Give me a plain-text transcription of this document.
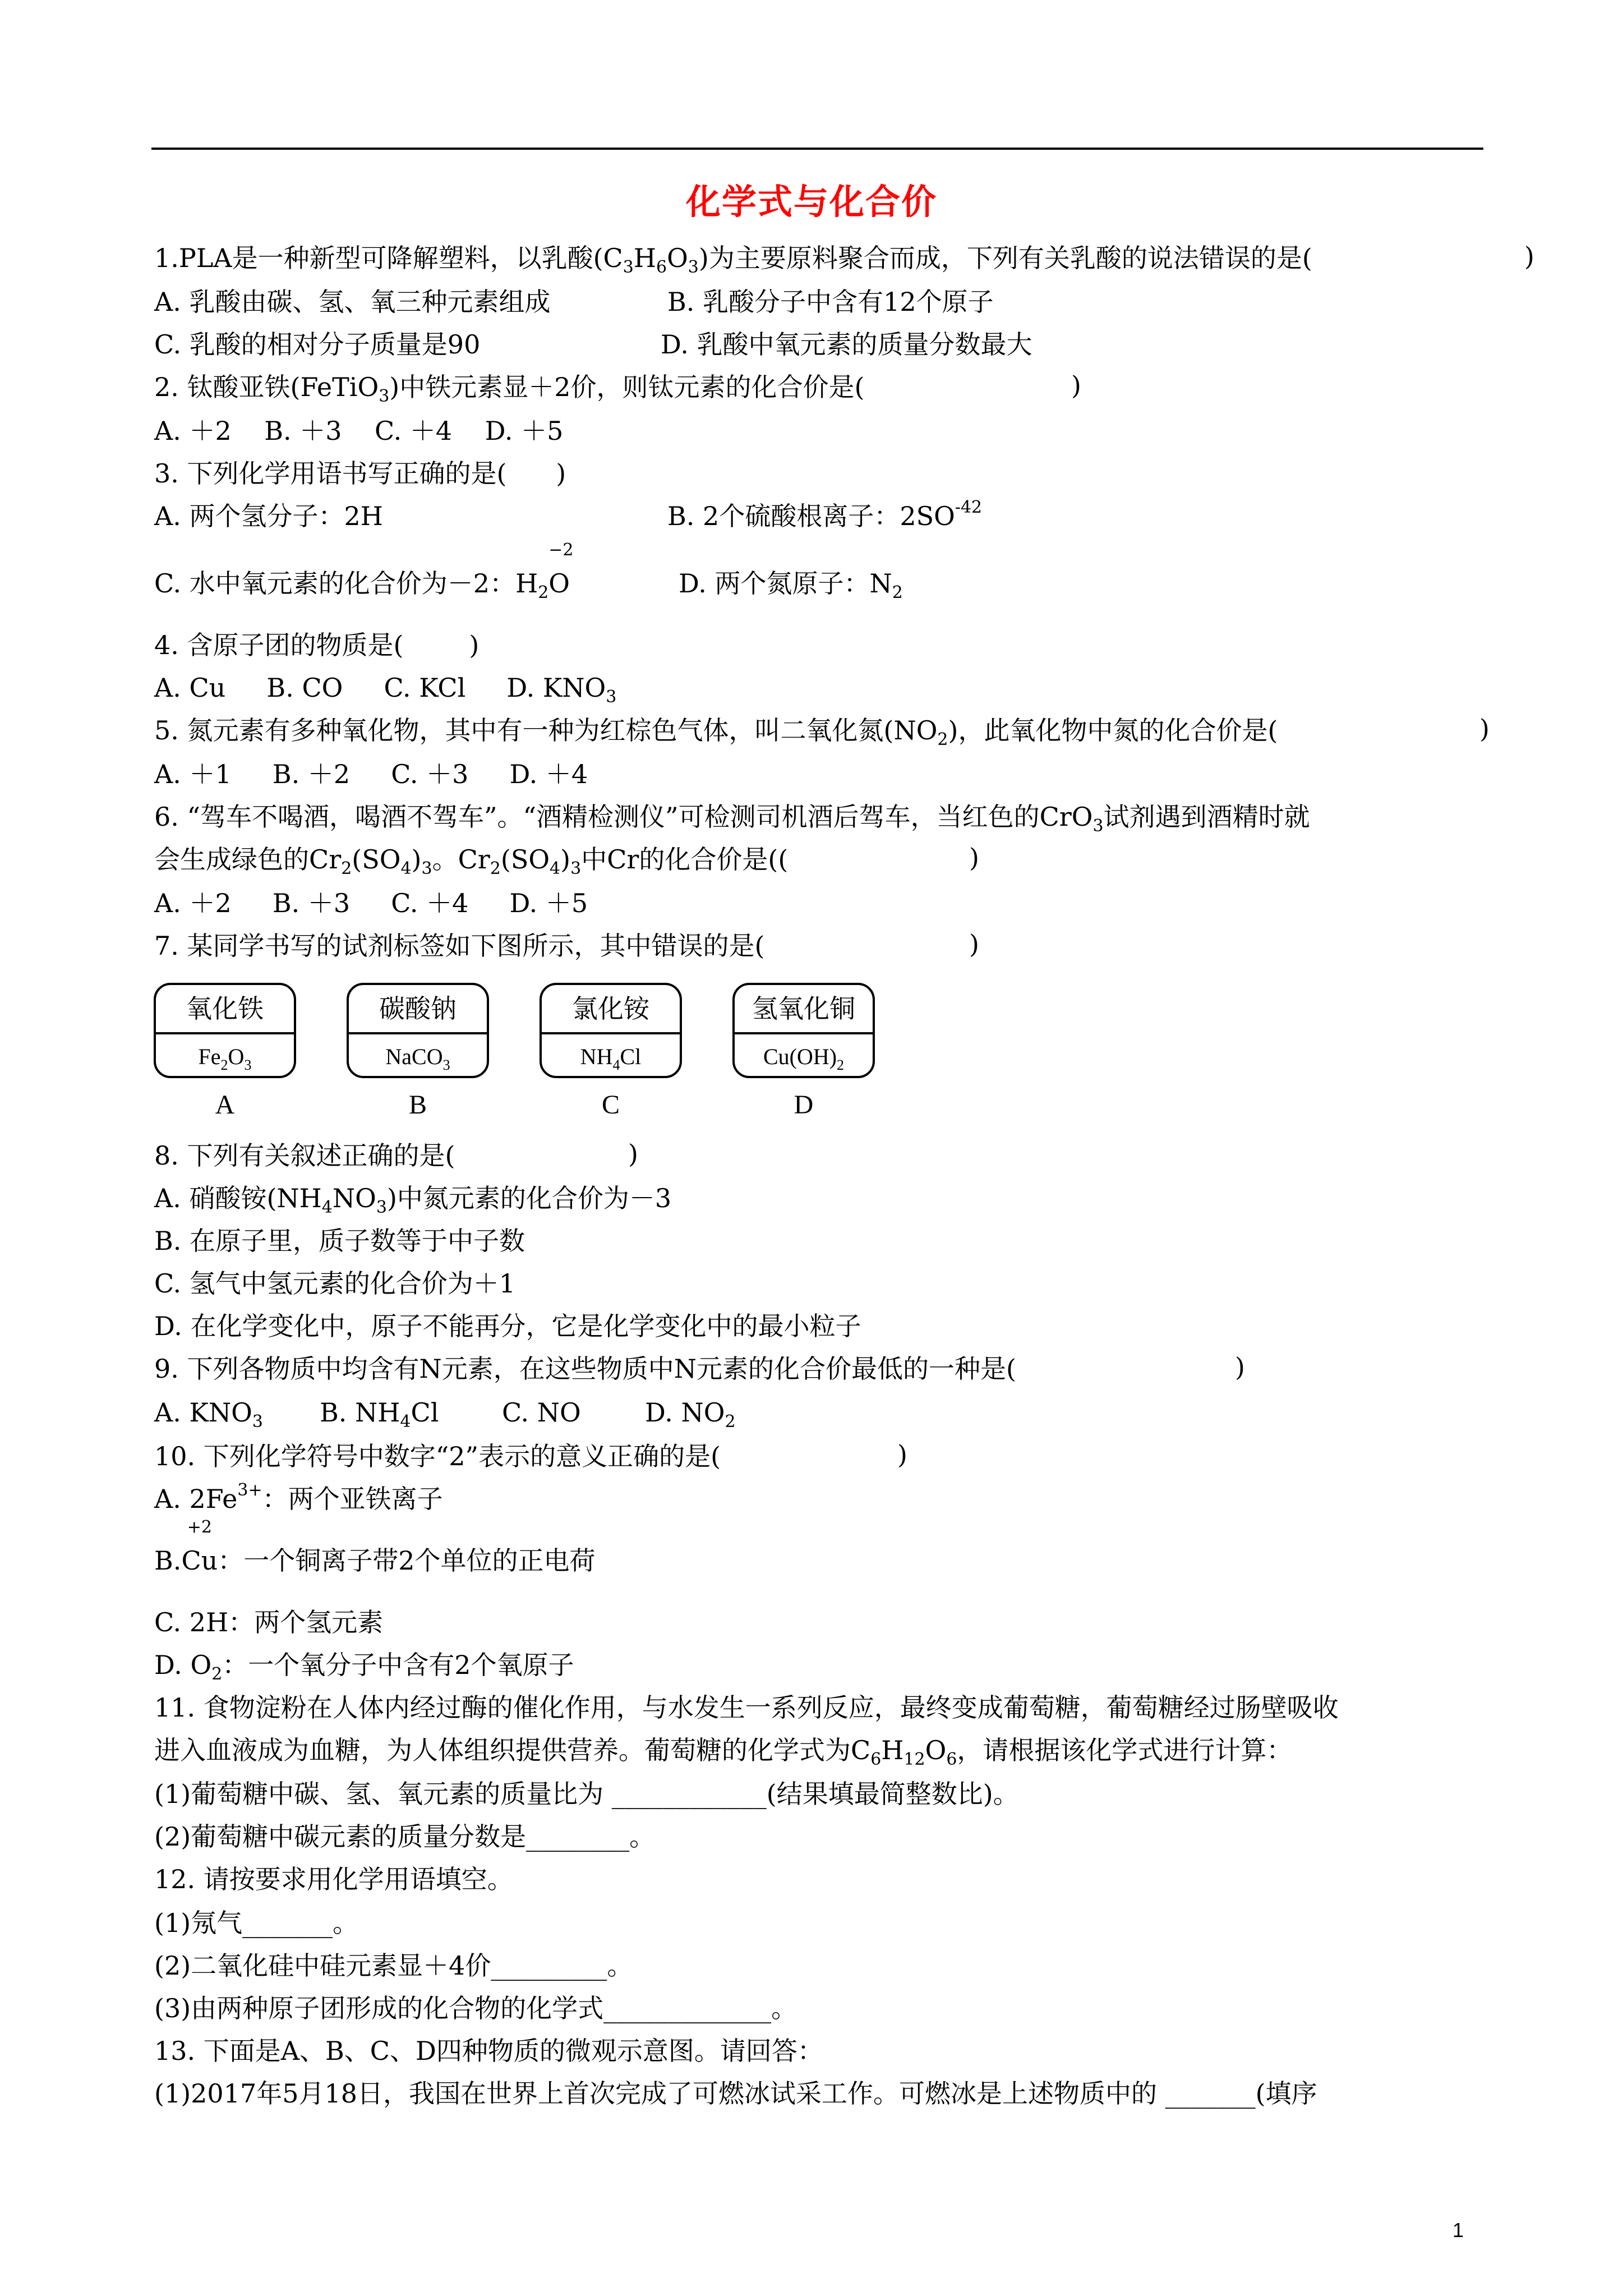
化学式与化合价
1.PLA是一种新型可降解塑料，以乳酸$(C_3H_6O_3)$为主要原料聚合而成，下列有关乳酸的说法错误的是(	)
A. 乳酸由碳、氢、氧三种元素组成	B. 乳酸分子中含有12个原子
C. 乳酸的相对分子质量是90	D. 乳酸中氧元素的质量分数最大
2. 钛酸亚铁(FeTiO$_3$)中铁元素显＋2价，则钛元素的化合价是(	)
A. ＋2    B. ＋3    C. ＋4    D. ＋5
3. 下列化学用语书写正确的是(      )
A. 两个氢分子：2H	B. 2个硫酸根离子：$2SO^{-42}$
C. 水中氧元素的化合价为－2：$H_2$
−2
O	D. 两个氮原子：$N_2$
4. 含原子团的物质是(        )
A. Cu     B. CO     C. KCl     D. $KNO_3$
5. 氮元素有多种氧化物，其中有一种为红棕色气体，叫二氧化氮$(NO_2)$，此氧化物中氮的化合价是(	)
A. ＋1     B. ＋2     C. ＋3     D. ＋4
6. “驾车不喝酒，喝酒不驾车”。“酒精检测仪”可检测司机酒后驾车，当红色的CrO$_3$试剂遇到酒精时就
会生成绿色的$Cr_2(SO_4)_3$。$Cr_2(SO_4)_3$中Cr的化合价是((	)
A. ＋2     B. ＋3     C. ＋4     D. ＋5
7. 某同学书写的试剂标签如下图所示，其中错误的是(	)
氧化铁
$Fe_2O_3$
A
碳酸钠
NaCO$_3$
B
氯化铵
$NH_4Cl$
C
氢氧化铜
$Cu(OH)_2$
D
8. 下列有关叙述正确的是(	)
A. 硝酸铵$(NH_4NO_3)$中氮元素的化合价为－3
B. 在原子里，质子数等于中子数
C. 氢气中氢元素的化合价为＋1
D. 在化学变化中，原子不能再分，它是化学变化中的最小粒子
9. 下列各物质中均含有N元素，在这些物质中N元素的化合价最低的一种是(	)
A. $KNO_3$ B. $NH_4Cl$ C. NO D. $NO_2$
10. 下列化学符号中数字“2”表示的意义正确的是(	)
A. $2Fe^{3+}$：两个亚铁离子
B.
+2
Cu：一个铜离子带2个单位的正电荷
C. 2H：两个氢元素
D. $O_2$：一个氧分子中含有2个氧原子
11. 食物淀粉在人体内经过酶的催化作用，与水发生一系列反应，最终变成葡萄糖，葡萄糖经过肠壁吸收
进入血液成为血糖，为人体组织提供营养。葡萄糖的化学式为$C_6H_{12}O_6$，请根据该化学式进行计算：
(1)葡萄糖中碳、氢、氧元素的质量比为 ____________(结果填最简整数比)。
(2)葡萄糖中碳元素的质量分数是________。
12. 请按要求用化学用语填空。
(1)氖气_______。
(2)二氧化硅中硅元素显＋4价_________。
(3)由两种原子团形成的化合物的化学式_____________。
13. 下面是A、B、C、D四种物质的微观示意图。请回答：
(1)2017年5月18日，我国在世界上首次完成了可燃冰试采工作。可燃冰是上述物质中的 _______(填序
1
